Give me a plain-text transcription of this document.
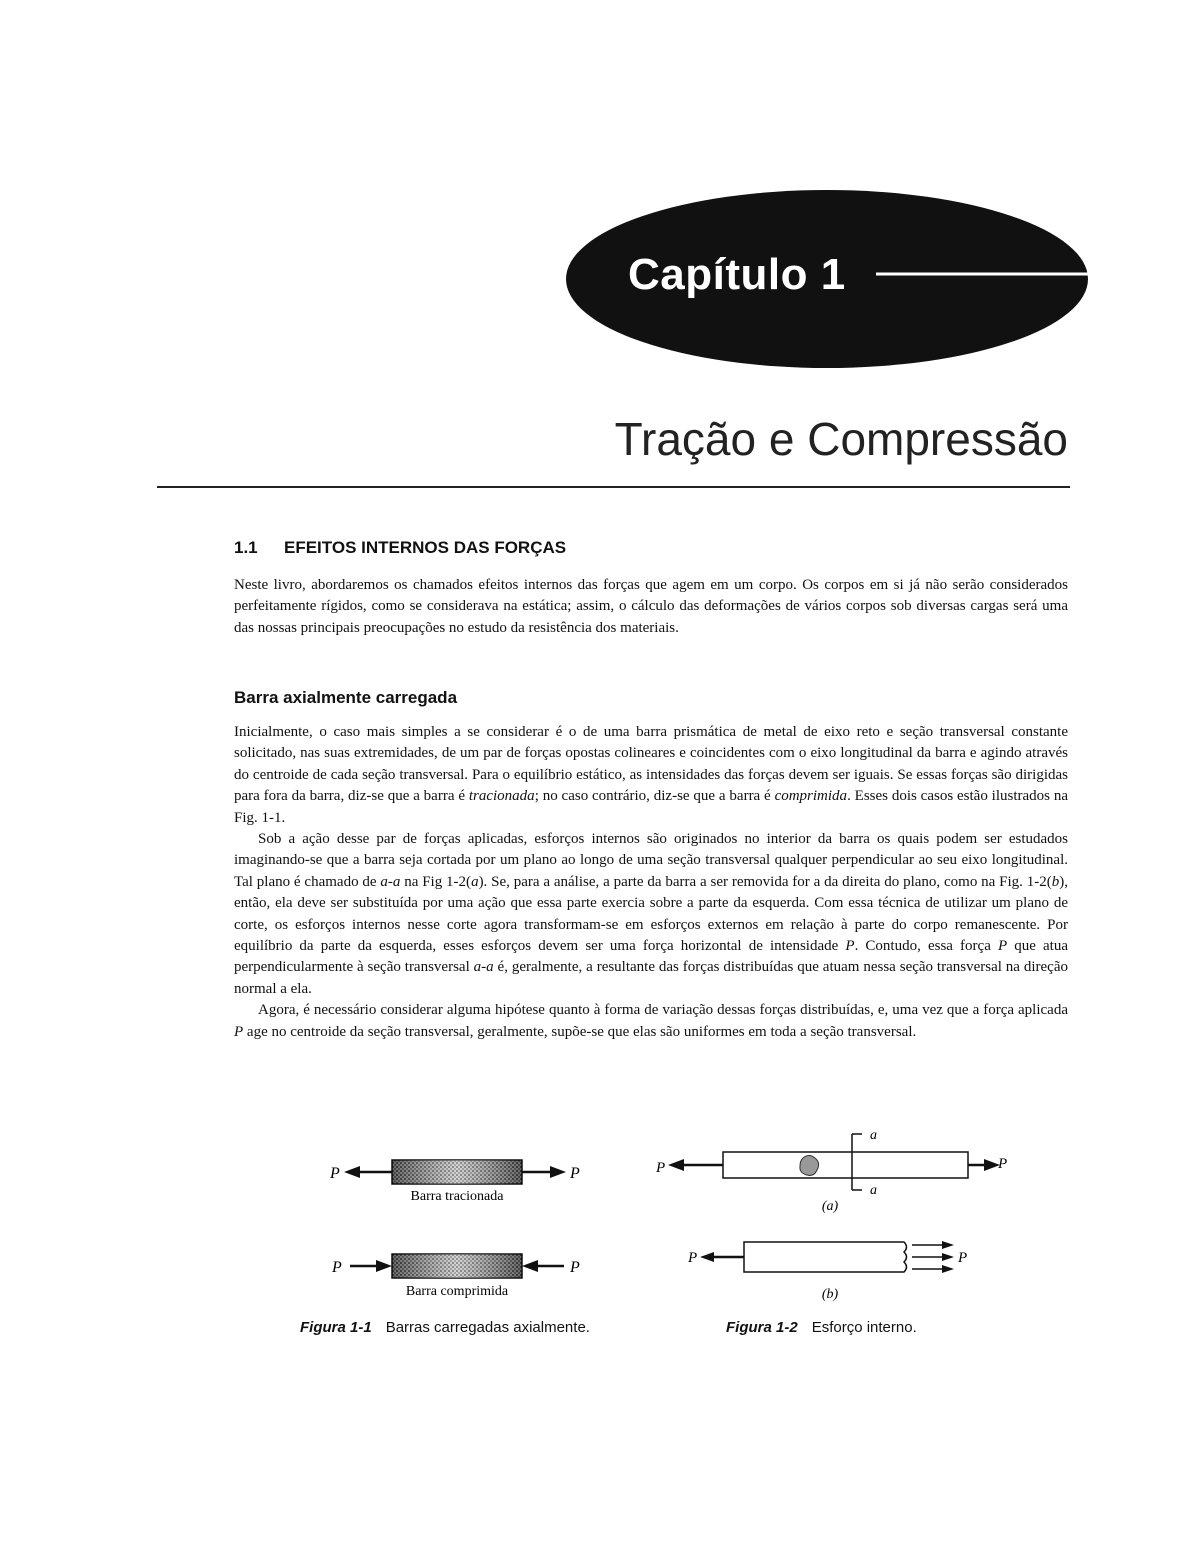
Capítulo 1
Tração e Compressão
1.1 EFEITOS INTERNOS DAS FORÇAS

Neste livro, abordaremos os chamados efeitos internos das forças que agem em um corpo. Os corpos em si já não serão considerados perfeitamente rígidos, como se considerava na estática; assim, o cálculo das deformações de vários corpos sob diversas cargas será uma das nossas principais preocupações no estudo da resistência dos materiais.

Barra axialmente carregada

Inicialmente, o caso mais simples a se considerar é o de uma barra prismática de metal de eixo reto e seção transversal constante solicitado, nas suas extremidades, de um par de forças opostas colineares e coincidentes com o eixo longitudinal da barra e agindo através do centroide de cada seção transversal. Para o equilíbrio estático, as intensidades das forças devem ser iguais. Se essas forças são dirigidas para fora da barra, diz-se que a barra é tracionada; no caso contrário, diz-se que a barra é comprimida. Esses dois casos estão ilustrados na Fig. 1-1.

Sob a ação desse par de forças aplicadas, esforços internos são originados no interior da barra os quais podem ser estudados imaginando-se que a barra seja cortada por um plano ao longo de uma seção transversal qualquer perpendicular ao seu eixo longitudinal. Tal plano é chamado de a-a na Fig 1-2(a). Se, para a análise, a parte da barra a ser removida for a da direita do plano, como na Fig. 1-2(b), então, ela deve ser substituída por uma ação que essa parte exercia sobre a parte da esquerda. Com essa técnica de utilizar um plano de corte, os esforços internos nesse corte agora transformam-se em esforços externos em relação à parte do corpo remanescente. Por equilíbrio da parte da esquerda, esses esforços devem ser uma força horizontal de intensidade P. Contudo, essa força P que atua perpendicularmente à seção transversal a-a é, geralmente, a resultante das forças distribuídas que atuam nessa seção transversal na direção normal a ela.

Agora, é necessário considerar alguma hipótese quanto à forma de variação dessas forças distribuídas, e, uma vez que a força aplicada P age no centroide da seção transversal, geralmente, supõe-se que elas são uniformes em toda a seção transversal.

P	P
Barra tracionada
P	P
Barra comprimida
Figura 1-1 Barras carregadas axialmente.
a
a
P	P
(a)
P	P
(b)
Figura 1-2 Esforço interno.
